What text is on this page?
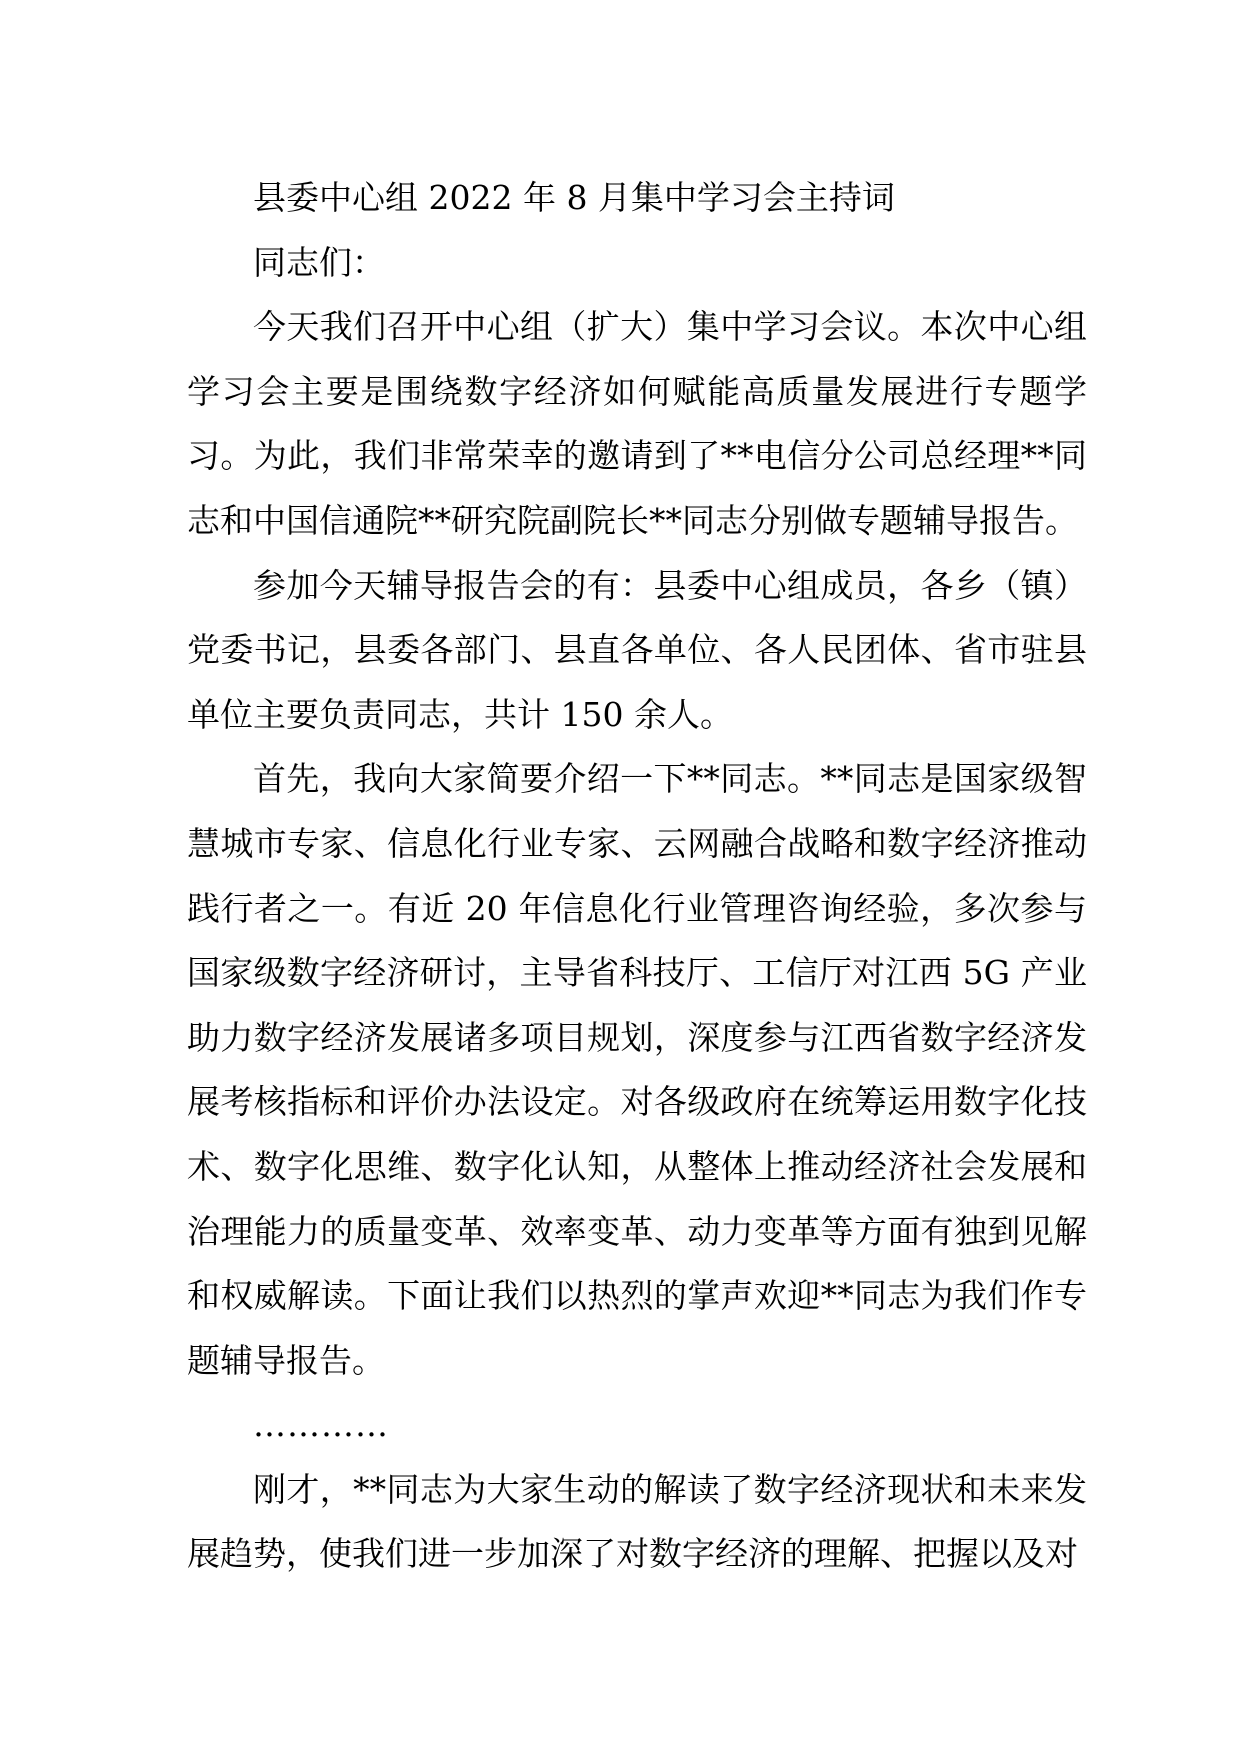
县委中心组 2022 年 8 月集中学习会主持词

同志们：

今天我们召开中心组（扩大）集中学习会议。本次中心组学习会主要是围绕数字经济如何赋能高质量发展进行专题学习。为此，我们非常荣幸的邀请到了**电信分公司总经理**同志和中国信通院**研究院副院长**同志分别做专题辅导报告。

参加今天辅导报告会的有：县委中心组成员，各乡（镇）党委书记，县委各部门、县直各单位、各人民团体、省市驻县单位主要负责同志，共计 150 余人。

首先，我向大家简要介绍一下**同志。**同志是国家级智慧城市专家、信息化行业专家、云网融合战略和数字经济推动践行者之一。有近 20 年信息化行业管理咨询经验，多次参与国家级数字经济研讨，主导省科技厅、工信厅对江西 5G 产业助力数字经济发展诸多项目规划，深度参与江西省数字经济发展考核指标和评价办法设定。对各级政府在统筹运用数字化技术、数字化思维、数字化认知，从整体上推动经济社会发展和治理能力的质量变革、效率变革、动力变革等方面有独到见解和权威解读。下面让我们以热烈的掌声欢迎**同志为我们作专题辅导报告。

…………

刚才，**同志为大家生动的解读了数字经济现状和未来发展趋势，使我们进一步加深了对数字经济的理解、把握以及对
